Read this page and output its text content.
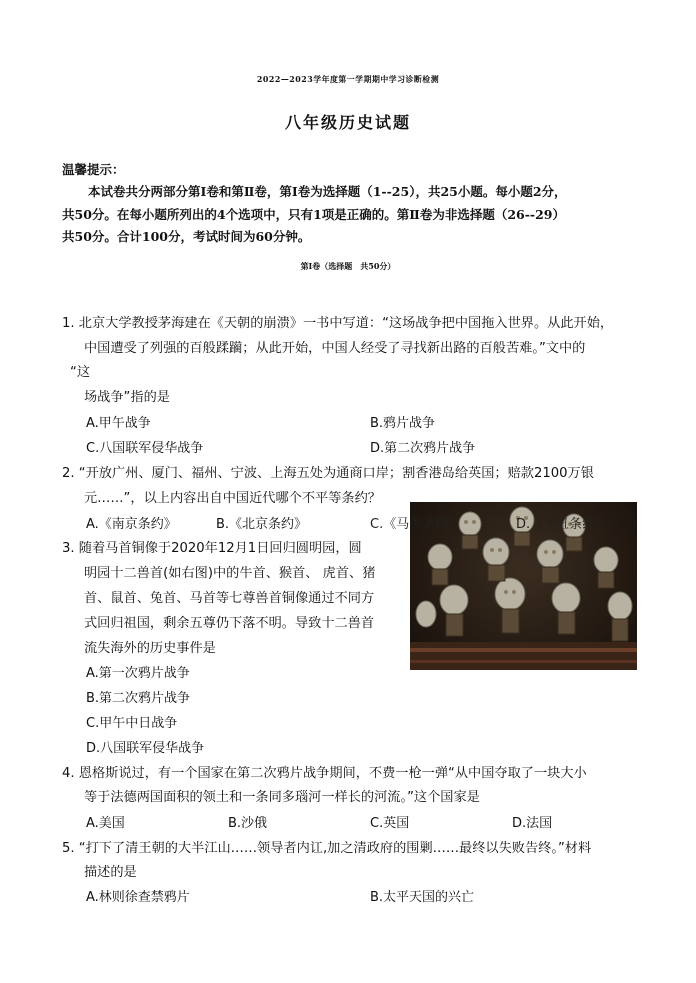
2022—2023学年度第一学期期中学习诊断检测
八年级历史试题
温馨提示：
本试卷共分两部分第Ⅰ卷和第Ⅱ卷，第Ⅰ卷为选择题（1--25），共25小题。每小题2分，
共50分。在每小题所列出的4个选项中，只有1项是正确的。第Ⅱ卷为非选择题（26--29）
共50分。合计100分，考试时间为60分钟。
第Ⅰ卷（选择题　共50分）
1. 北京大学教授茅海建在《天朝的崩溃》一书中写道：“这场战争把中国拖入世界。从此开始，
中国遭受了列强的百般蹂躏；从此开始，中国人经受了寻找新出路的百般苦难。”文中的
“这
场战争”指的是
A.甲午战争	B.鸦片战争
C.八国联军侵华战争	D.第二次鸦片战争
2. “开放广州、厦门、福州、宁波、上海五处为通商口岸；割香港岛给英国；赔款2100万银
元……”，以上内容出自中国近代哪个不平等条约？
A.《南京条约》	B.《北京条约》	C.《马关条约》	D.《辛丑条约》
3. 随着马首铜像于2020年12月1日回归圆明园，圆
明园十二兽首(如右图)中的牛首、猴首、 虎首、猪
首、鼠首、兔首、马首等七尊兽首铜像通过不同方
式回归祖国，剩余五尊仍下落不明。导致十二兽首
流失海外的历史事件是
A.第一次鸦片战争
B.第二次鸦片战争
C.甲午中日战争
D.八国联军侵华战争
4. 恩格斯说过，有一个国家在第二次鸦片战争期间，不费一枪一弹“从中国夺取了一块大小
等于法德两国面积的领土和一条同多瑙河一样长的河流。”这个国家是
A.美国	B.沙俄	C.英国	D.法国
5. “打下了清王朝的大半江山……领导者内讧,加之清政府的围剿……最终以失败告终。”材料
描述的是
A.林则徐查禁鸦片	B.太平天国的兴亡
